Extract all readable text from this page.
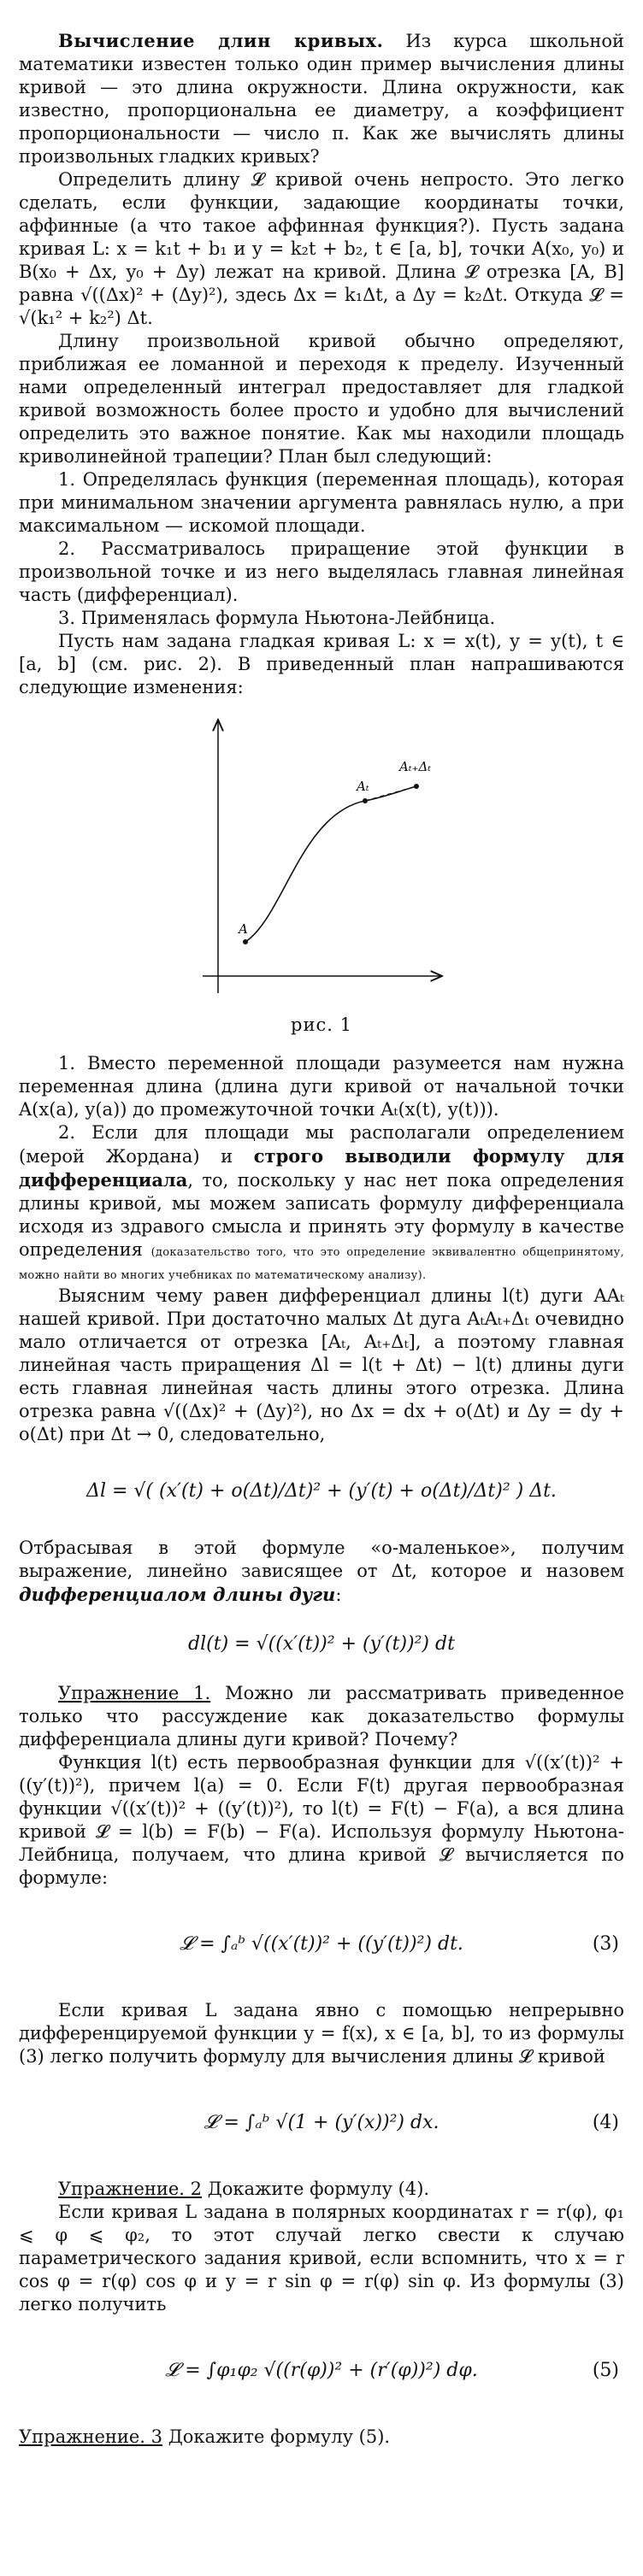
Вычисление длин кривых. Из курса школьной математики известен только один пример вычисления длины кривой — это длина окружности. Длина окружности, как известно, пропорциональна ее диаметру, а коэффициент пропорциональности — число π. Как же вычислять длины произвольных гладких кривых?

Определить длину 𝓛 кривой очень непросто. Это легко сделать, если функции, задающие координаты точки, аффинные (а что такое аффинная функция?). Пусть задана кривая L: x = k₁t + b₁ и y = k₂t + b₂, t ∈ [a, b], точки A(x₀, y₀) и B(x₀ + Δx, y₀ + Δy) лежат на кривой. Длина 𝓛 отрезка [A, B] равна √((Δx)² + (Δy)²), здесь Δx = k₁Δt, а Δy = k₂Δt. Откуда 𝓛 = √(k₁² + k₂²) Δt.

Длину произвольной кривой обычно определяют, приближая ее ломанной и переходя к пределу. Изученный нами определенный интеграл предоставляет для гладкой кривой возможность более просто и удобно для вычислений определить это важное понятие. Как мы находили площадь криволинейной трапеции? План был следующий:

1. Определялась функция (переменная площадь), которая при минимальном значении аргумента равнялась нулю, а при максимальном — искомой площади.

2. Рассматривалось приращение этой функции в произвольной точке и из него выделялась главная линейная часть (дифференциал).

3. Применялась формула Ньютона-Лейбница.

Пусть нам задана гладкая кривая L: x = x(t), y = y(t), t ∈ [a, b] (см. рис. 2). В приведенный план напрашиваются следующие изменения:

A
Aₜ
Aₜ₊Δₜ
рис. 1

1. Вместо переменной площади разумеется нам нужна переменная длина (длина дуги кривой от начальной точки A(x(a), y(a)) до промежуточной точки Aₜ(x(t), y(t))).

2. Если для площади мы располагали определением (мерой Жордана) и строго выводили формулу для дифференциала, то, поскольку у нас нет пока определения длины кривой, мы можем записать формулу дифференциала исходя из здравого смысла и принять эту формулу в качестве определения (доказательство того, что это определение эквивалентно общепринятому, можно найти во многих учебниках по математическому анализу).

Выясним чему равен дифференциал длины l(t) дуги AAₜ нашей кривой. При достаточно малых Δt дуга AₜAₜ₊Δₜ очевидно мало отличается от отрезка [Aₜ, Aₜ₊Δₜ], а поэтому главная линейная часть приращения Δl = l(t + Δt) − l(t) длины дуги есть главная линейная часть длины этого отрезка. Длина отрезка равна √((Δx)² + (Δy)²), но Δx = dx + o(Δt) и Δy = dy + o(Δt) при Δt → 0, следовательно,

Δl = √( (x′(t) + o(Δt)/Δt)² + (y′(t) + o(Δt)/Δt)² ) Δt.

Отбрасывая в этой формуле «o-маленькое», получим выражение, линейно зависящее от Δt, которое и назовем дифференциалом длины дуги:

dl(t) = √((x′(t))² + (y′(t))²) dt

Упражнение 1. Можно ли рассматривать приведенное только что рассуждение как доказательство формулы дифференциала длины дуги кривой? Почему?

Функция l(t) есть первообразная функции для √((x′(t))² + ((y′(t))²), причем l(a) = 0. Если F(t) другая первообразная функции √((x′(t))² + ((y′(t))²), то l(t) = F(t) − F(a), а вся длина кривой 𝓛 = l(b) = F(b) − F(a). Используя формулу Ньютона-Лейбница, получаем, что длина кривой 𝓛 вычисляется по формуле:

𝓛 = ∫ₐᵇ √((x′(t))² + ((y′(t))²) dt.	(3)

Если кривая L задана явно с помощью непрерывно дифференцируемой функции y = f(x), x ∈ [a, b], то из формулы (3) легко получить формулу для вычисления длины 𝓛 кривой

𝓛 = ∫ₐᵇ √(1 + (y′(x))²) dx.	(4)

Упражнение. 2 Докажите формулу (4).

Если кривая L задана в полярных координатах r = r(φ), φ₁ ⩽ φ ⩽ φ₂, то этот случай легко свести к случаю параметрического задания кривой, если вспомнить, что x = r cos φ = r(φ) cos φ и y = r sin φ = r(φ) sin φ. Из формулы (3) легко получить

𝓛 = ∫φ₁φ₂ √((r(φ))² + (r′(φ))²) dφ.	(5)

Упражнение. 3 Докажите формулу (5).
